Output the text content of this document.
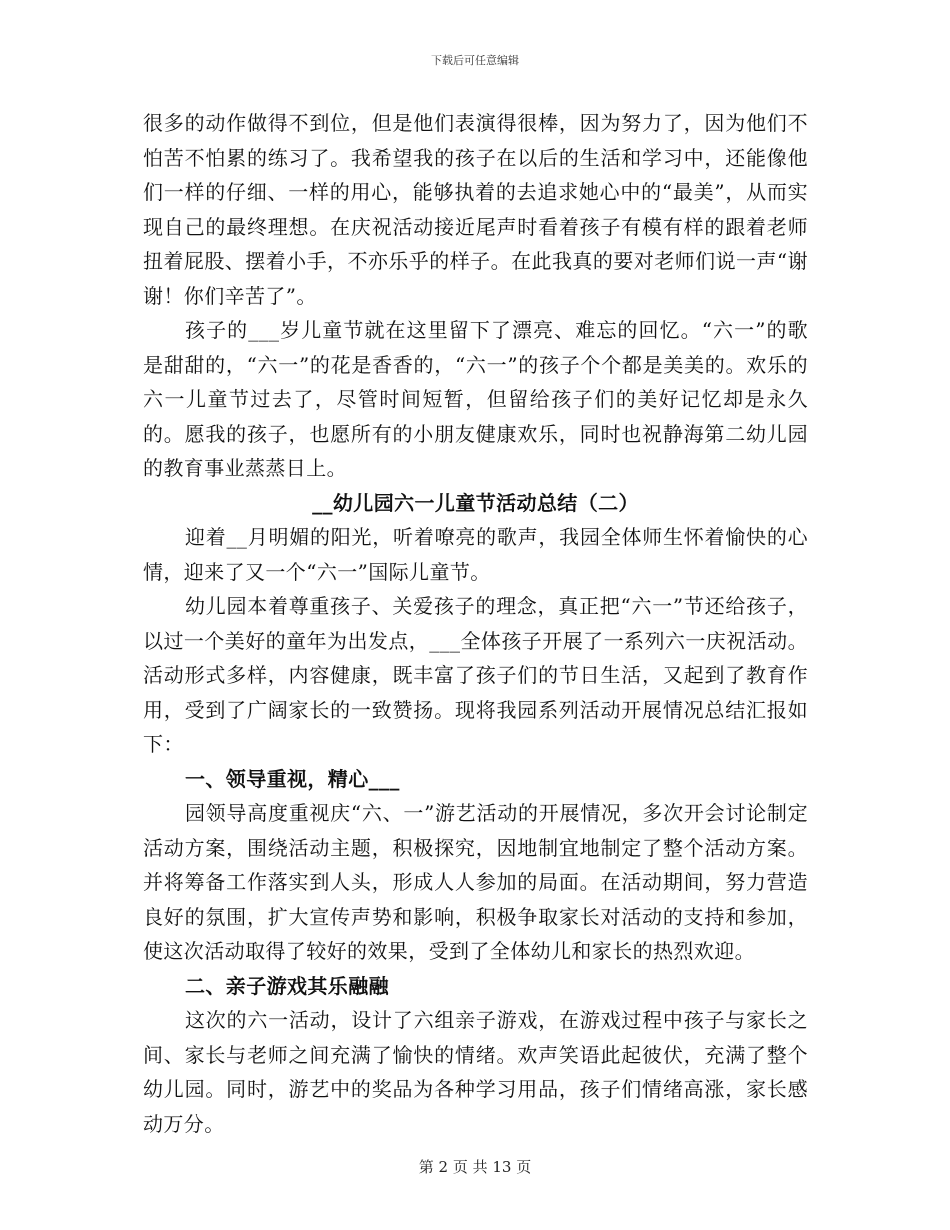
下载后可任意编辑

很多的动作做得不到位，但是他们表演得很棒，因为努力了，因为他们不怕苦不怕累的练习了。我希望我的孩子在以后的生活和学习中，还能像他们一样的仔细、一样的用心，能够执着的去追求她心中的“最美”，从而实现自己的最终理想。在庆祝活动接近尾声时看着孩子有模有样的跟着老师扭着屁股、摆着小手，不亦乐乎的样子。在此我真的要对老师们说一声“谢谢！你们辛苦了”。

孩子的___岁儿童节就在这里留下了漂亮、难忘的回忆。“六一”的歌是甜甜的，“六一”的花是香香的，“六一”的孩子个个都是美美的。欢乐的六一儿童节过去了，尽管时间短暂，但留给孩子们的美好记忆却是永久的。愿我的孩子，也愿所有的小朋友健康欢乐，同时也祝静海第二幼儿园的教育事业蒸蒸日上。

__幼儿园六一儿童节活动总结（二）

迎着__月明媚的阳光，听着嘹亮的歌声，我园全体师生怀着愉快的心情，迎来了又一个“六一”国际儿童节。

幼儿园本着尊重孩子、关爱孩子的理念，真正把“六一”节还给孩子，以过一个美好的童年为出发点，___全体孩子开展了一系列六一庆祝活动。活动形式多样，内容健康，既丰富了孩子们的节日生活，又起到了教育作用，受到了广阔家长的一致赞扬。现将我园系列活动开展情况总结汇报如下：

一、领导重视，精心___

园领导高度重视庆“六、一”游艺活动的开展情况，多次开会讨论制定活动方案，围绕活动主题，积极探究，因地制宜地制定了整个活动方案。并将筹备工作落实到人头，形成人人参加的局面。在活动期间，努力营造良好的氛围，扩大宣传声势和影响，积极争取家长对活动的支持和参加，使这次活动取得了较好的效果，受到了全体幼儿和家长的热烈欢迎。

二、亲子游戏其乐融融

这次的六一活动，设计了六组亲子游戏，在游戏过程中孩子与家长之间、家长与老师之间充满了愉快的情绪。欢声笑语此起彼伏，充满了整个幼儿园。同时，游艺中的奖品为各种学习用品，孩子们情绪高涨，家长感动万分。

第 2 页 共 13 页
